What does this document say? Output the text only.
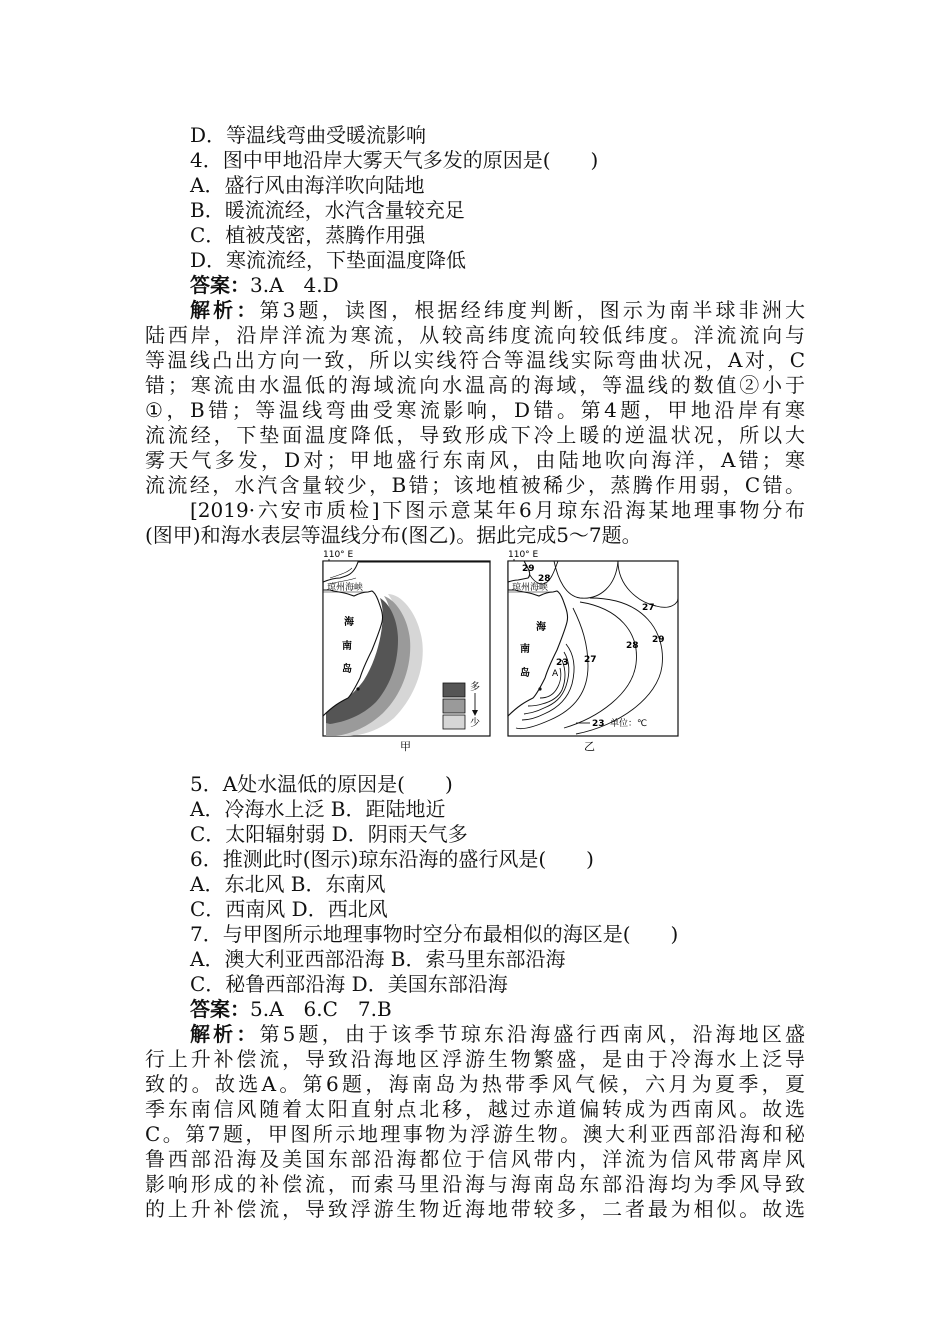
D．等温线弯曲受暖流影响
4．图中甲地沿岸大雾天气多发的原因是(　　)
A．盛行风由海洋吹向陆地
B．暖流流经，水汽含量较充足
C．植被茂密，蒸腾作用强
D．寒流流经，下垫面温度降低
答案：3.A　4.D
解析：第3题，读图，根据经纬度判断，图示为南半球非洲大
陆西岸，沿岸洋流为寒流，从较高纬度流向较低纬度。洋流流向与
等温线凸出方向一致，所以实线符合等温线实际弯曲状况，A对，C
错；寒流由水温低的海域流向水温高的海域，等温线的数值②小于
①，B错；等温线弯曲受寒流影响，D错。第4题，甲地沿岸有寒
流流经，下垫面温度降低，导致形成下冷上暖的逆温状况，所以大
雾天气多发，D对；甲地盛行东南风，由陆地吹向海洋，A错；寒
流流经，水汽含量较少，B错；该地植被稀少，蒸腾作用弱，C错。
[2019·六安市质检]下图示意某年6月琼东沿海某地理事物分布
(图甲)和海水表层等温线分布(图乙)。据此完成5～7题。
110° E
琼州海峡
海
南
岛
多
少
甲
110° E
琼州海峡
海
南
岛 A
29
28
27
28
29
23 27
23 单位：℃
乙
5．A处水温低的原因是(　　)
A．冷海水上泛 B．距陆地近
C．太阳辐射弱 D．阴雨天气多
6．推测此时(图示)琼东沿海的盛行风是(　　)
A．东北风 B．东南风
C．西南风 D．西北风
7．与甲图所示地理事物时空分布最相似的海区是(　　)
A．澳大利亚西部沿海 B．索马里东部沿海
C．秘鲁西部沿海 D．美国东部沿海
答案：5.A　6.C　7.B
解析：第5题，由于该季节琼东沿海盛行西南风，沿海地区盛
行上升补偿流，导致沿海地区浮游生物繁盛，是由于冷海水上泛导
致的。故选A。第6题，海南岛为热带季风气候，六月为夏季，夏
季东南信风随着太阳直射点北移，越过赤道偏转成为西南风。故选
C。第7题，甲图所示地理事物为浮游生物。澳大利亚西部沿海和秘
鲁西部沿海及美国东部沿海都位于信风带内，洋流为信风带离岸风
影响形成的补偿流，而索马里沿海与海南岛东部沿海均为季风导致
的上升补偿流，导致浮游生物近海地带较多，二者最为相似。故选
